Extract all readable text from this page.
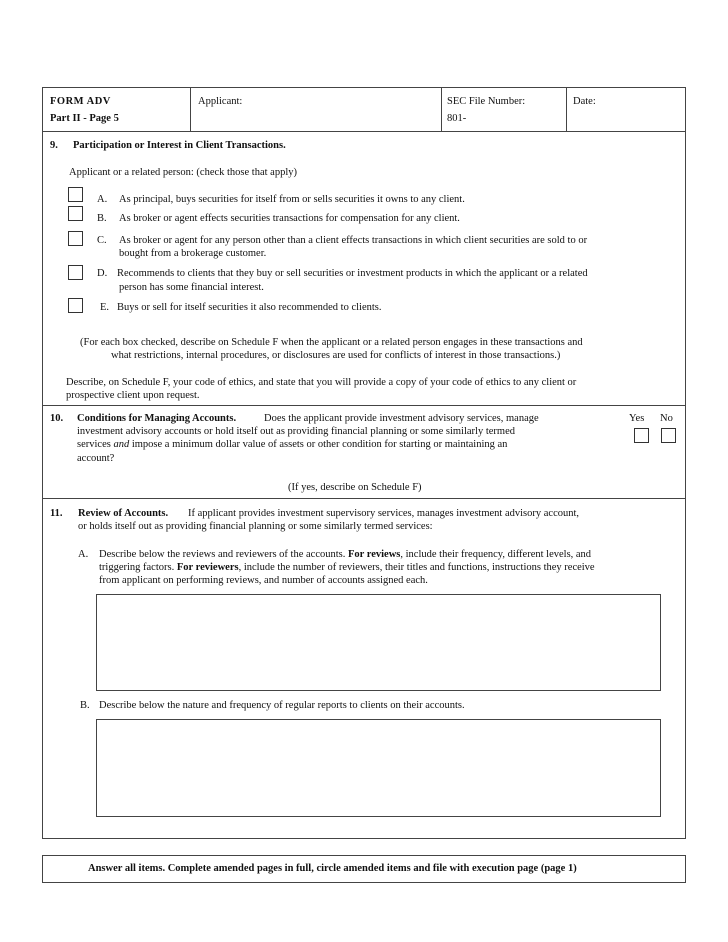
FORM ADV
Part II - Page 5
Applicant:	SEC File Number:
801-
Date:
9. Participation or Interest in Client Transactions.
Applicant or a related person: (check those that apply)
A. As principal, buys securities for itself from or sells securities it owns to any client.
B. As broker or agent effects securities transactions for compensation for any client.
C. As broker or agent for any person other than a client effects transactions in which client securities are sold to or
bought from a brokerage customer.
D. Recommends to clients that they buy or sell securities or investment products in which the applicant or a related
person has some financial interest.
E. Buys or sell for itself securities it also recommended to clients.
(For each box checked, describe on Schedule F when the applicant or a related person engages in these transactions and
what restrictions, internal procedures, or disclosures are used for conflicts of interest in those transactions.)
Describe, on Schedule F, your code of ethics, and state that you will provide a copy of your code of ethics to any client or
prospective client upon request.
10. Conditions for Managing Accounts.	Does the applicant provide investment advisory services, manage
investment advisory accounts or hold itself out as providing financial planning or some similarly termed
services and impose a minimum dollar value of assets or other condition for starting or maintaining an
account?
Yes No
(If yes, describe on Schedule F)
11. Review of Accounts. If applicant provides investment supervisory services, manages investment advisory account,
or holds itself out as providing financial planning or some similarly termed services:
A. Describe below the reviews and reviewers of the accounts. For reviews, include their frequency, different levels, and
triggering factors. For reviewers, include the number of reviewers, their titles and functions, instructions they receive
from applicant on performing reviews, and number of accounts assigned each.
B. Describe below the nature and frequency of regular reports to clients on their accounts.
Answer all items. Complete amended pages in full, circle amended items and file with execution page (page 1)
